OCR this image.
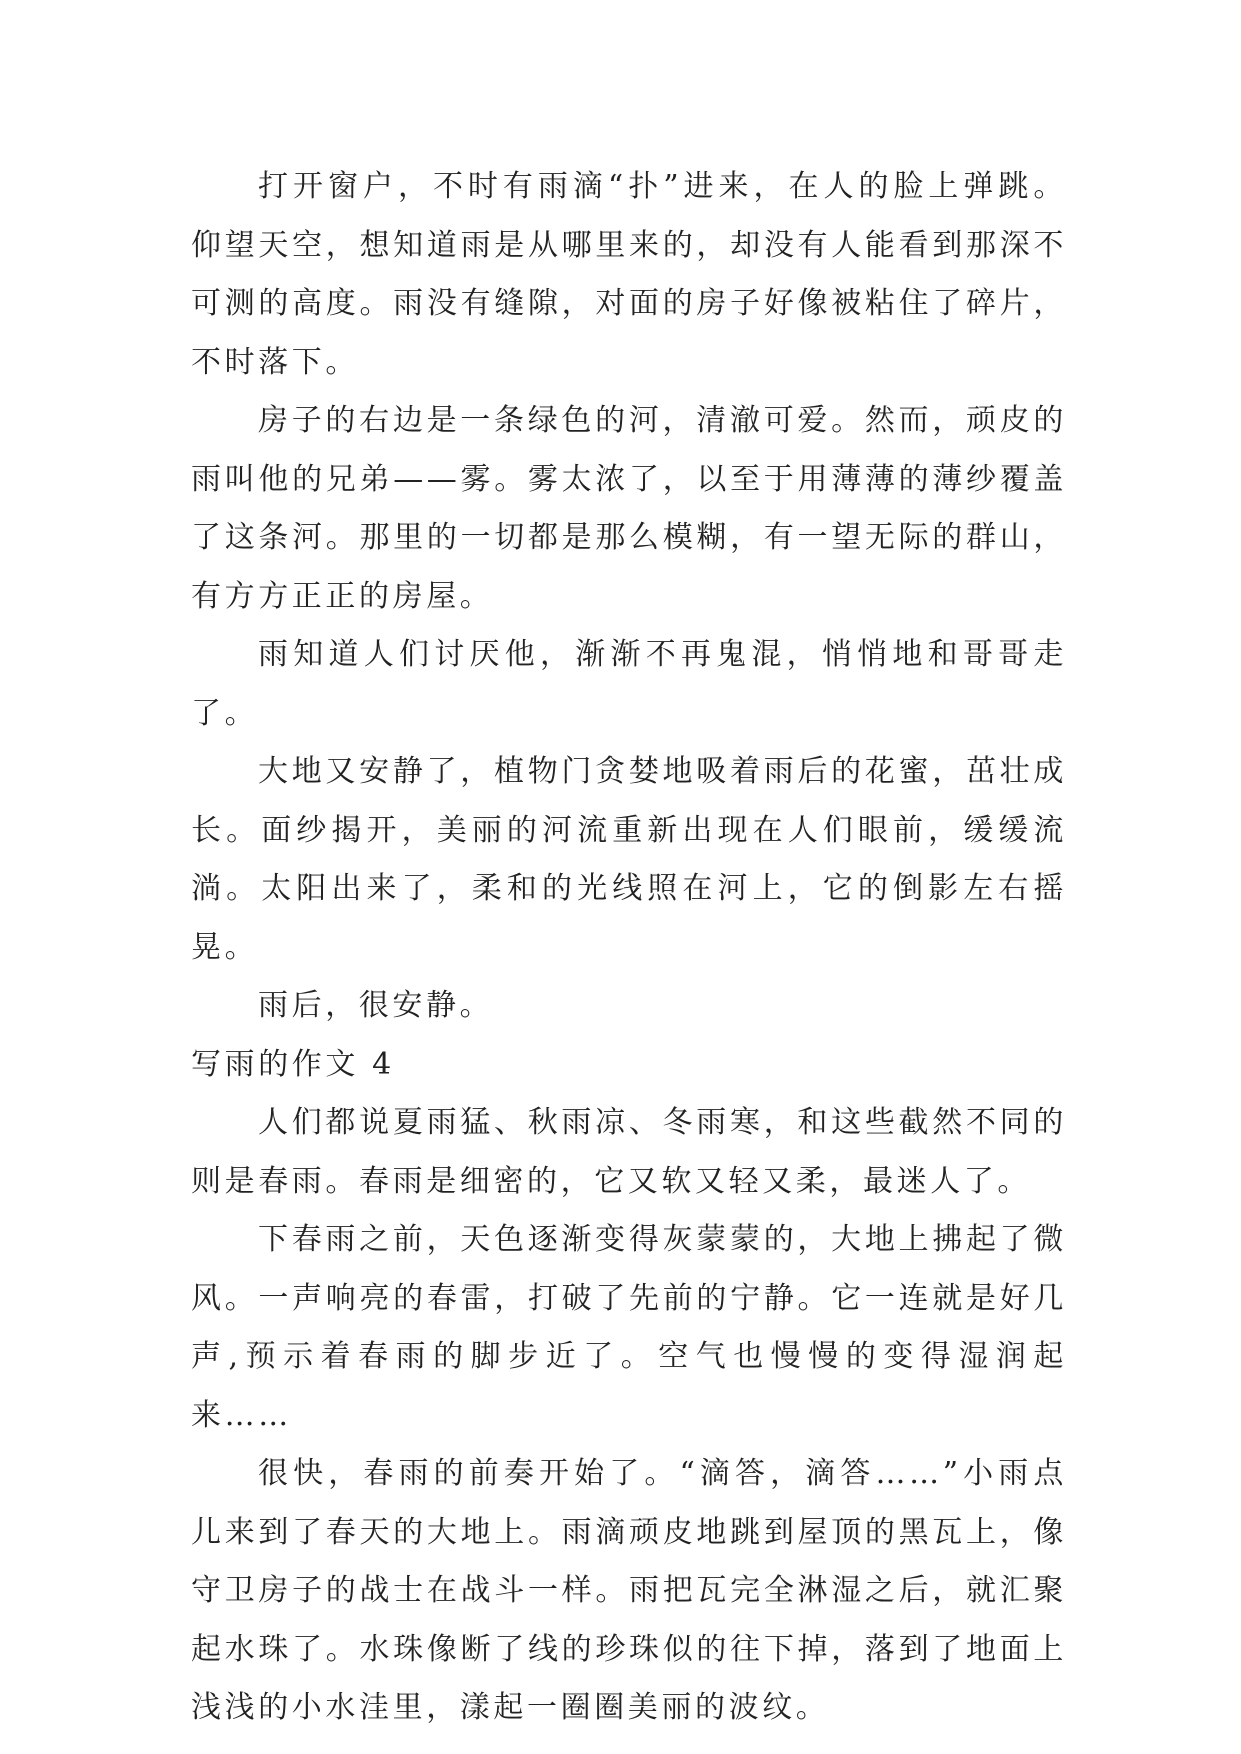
打开窗户，不时有雨滴“扑”进来，在人的脸上弹跳。仰望天空，想知道雨是从哪里来的，却没有人能看到那深不可测的高度。雨没有缝隙，对面的房子好像被粘住了碎片，不时落下。

房子的右边是一条绿色的河，清澈可爱。然而，顽皮的雨叫他的兄弟——雾。雾太浓了，以至于用薄薄的薄纱覆盖了这条河。那里的一切都是那么模糊，有一望无际的群山，有方方正正的房屋。

雨知道人们讨厌他，渐渐不再鬼混，悄悄地和哥哥走了。

大地又安静了，植物门贪婪地吸着雨后的花蜜，茁壮成长。面纱揭开，美丽的河流重新出现在人们眼前，缓缓流淌。太阳出来了，柔和的光线照在河上，它的倒影左右摇晃。

雨后，很安静。

写雨的作文 4

人们都说夏雨猛、秋雨凉、冬雨寒，和这些截然不同的则是春雨。春雨是细密的，它又软又轻又柔，最迷人了。

下春雨之前，天色逐渐变得灰蒙蒙的，大地上拂起了微风。一声响亮的春雷，打破了先前的宁静。它一连就是好几声,预示着春雨的脚步近了。空气也慢慢的变得湿润起来……

很快，春雨的前奏开始了。“滴答，滴答……”小雨点儿来到了春天的大地上。雨滴顽皮地跳到屋顶的黑瓦上，像守卫房子的战士在战斗一样。雨把瓦完全淋湿之后，就汇聚起水珠了。水珠像断了线的珍珠似的往下掉，落到了地面上浅浅的小水洼里，漾起一圈圈美丽的波纹。
